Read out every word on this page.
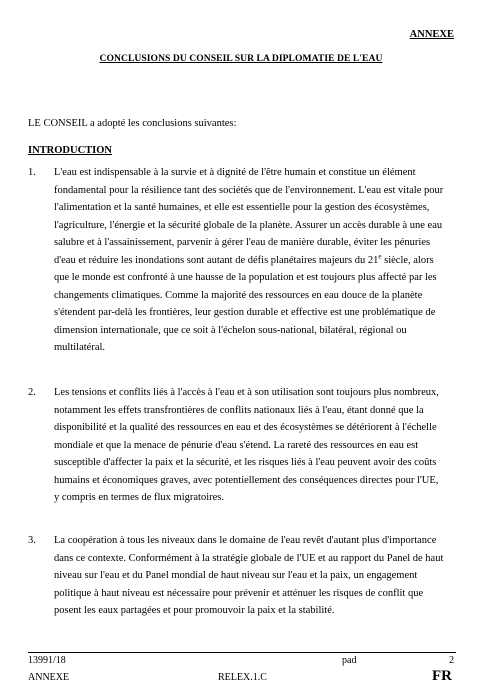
ANNEXE
CONCLUSIONS DU CONSEIL SUR LA DIPLOMATIE DE L'EAU
LE CONSEIL a adopté les conclusions suivantes:
INTRODUCTION
1. L'eau est indispensable à la survie et à dignité de l'être humain et constitue un élément
fondamental pour la résilience tant des sociétés que de l'environnement. L'eau est vitale pour
l'alimentation et la santé humaines, et elle est essentielle pour la gestion des écosystèmes,
l'agriculture, l'énergie et la sécurité globale de la planète. Assurer un accès durable à une eau
salubre et à l'assainissement, parvenir à gérer l'eau de manière durable, éviter les pénuries
d'eau et réduire les inondations sont autant de défis planétaires majeurs du 21e siècle, alors
que le monde est confronté à une hausse de la population et est toujours plus affecté par les
changements climatiques. Comme la majorité des ressources en eau douce de la planète
s'étendent par-delà les frontières, leur gestion durable et effective est une problématique de
dimension internationale, que ce soit à l'échelon sous-national, bilatéral, régional ou
multilatéral.
2. Les tensions et conflits liés à l'accès à l'eau et à son utilisation sont toujours plus nombreux,
notamment les effets transfrontières de conflits nationaux liés à l'eau, étant donné que la
disponibilité et la qualité des ressources en eau et des écosystèmes se détériorent à l'échelle
mondiale et que la menace de pénurie d'eau s'étend. La rareté des ressources en eau est
susceptible d'affecter la paix et la sécurité, et les risques liés à l'eau peuvent avoir des coûts
humains et économiques graves, avec potentiellement des conséquences directes pour l'UE,
y compris en termes de flux migratoires.
3. La coopération à tous les niveaux dans le domaine de l'eau revêt d'autant plus d'importance
dans ce contexte. Conformément à la stratégie globale de l'UE et au rapport du Panel de haut
niveau sur l'eau et du Panel mondial de haut niveau sur l'eau et la paix, un engagement
politique à haut niveau est nécessaire pour prévenir et atténuer les risques de conflit que
posent les eaux partagées et pour promouvoir la paix et la stabilité.
13991/18	pad	2
ANNEXE	RELEX.1.C	FR
